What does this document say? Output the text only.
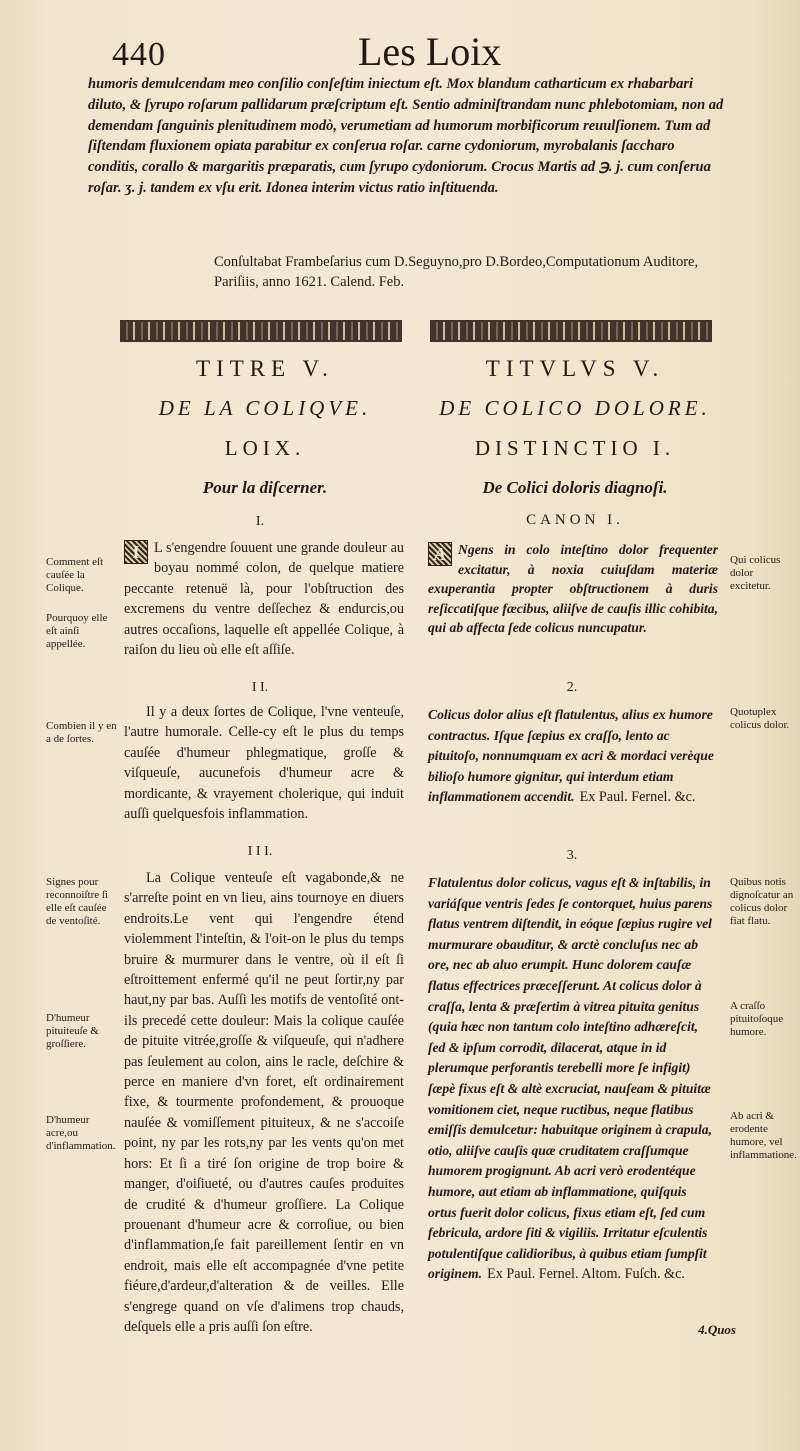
440	Les Loix
humoris demulcendam meo conſilio conſeſtim iniectum eſt. Mox blandum catharticum ex rhabarbari diluto, & ſyrupo roſarum pallidarum præſcriptum eſt. Sentio adminiſtrandam nunc phlebotomiam, non ad demendam ſanguinis plenitudinem modò, verumetiam ad humorum morbificorum reuulſionem. Tum ad ſiſtendam fluxionem opiata parabitur ex conſerua roſar. carne cydoniorum, myrobalanis ſaccharo conditis, corallo & margaritis præparatis, cum ſyrupo cydoniorum. Crocus Martis ad ℈. j. cum conſerua roſar. ʒ. j. tandem ex vſu erit. Idonea interim victus ratio inſtituenda.
Conſultabat Frambeſarius cum D.Seguyno,pro D.Bordeo,Computationum Auditore, Pariſiis, anno 1621. Calend. Feb.
TITRE V.
DE LA COLIQVE.
LOIX.
Pour la diſcerner.
I.
I	L s'engendre ſouuent une grande douleur au boyau nommé colon, de quelque matiere peccante retenuë là, pour l'obſtruction des excremens du ventre deſſechez & endurcis,ou autres occaſions, laquelle eſt appellée Colique, à raiſon du lieu où elle eſt aſſiſe.
I I.
Il y a deux ſortes de Colique, l'vne venteuſe, l'autre humorale. Celle-cy eſt le plus du temps cauſée d'humeur phlegmatique, groſſe & viſqueuſe, aucunefois d'humeur acre & mordicante, & vrayement cholerique, qui induit auſſi quelquesfois inflammation.
I I I.
La Colique venteuſe eſt vagabonde,& ne s'arreſte point en vn lieu, ains tournoye en diuers endroits.Le vent qui l'engendre étend violemment l'inteſtin, & l'oit-on le plus du temps bruire & murmurer dans le ventre, où il eſt ſi eſtroittement enfermé qu'il ne peut ſortir,ny par haut,ny par bas. Auſſi les motifs de ventoſité ont-ils precedé cette douleur: Mais la colique cauſée de pituite vitrée,groſſe & viſqueuſe, qui n'adhere pas ſeulement au colon, ains le racle, deſchire & perce en maniere d'vn foret, eſt ordinairement fixe, & tourmente profondement, & prouoque nauſée & vomiſſement pituiteux, & ne s'accoiſe point, ny par les rots,ny par les vents qu'on met hors: Et ſi a tiré ſon origine de trop boire & manger, d'oiſiueté, ou d'autres cauſes produites de crudité & d'humeur groſſiere. La Colique prouenant d'humeur acre & corroſiue, ou bien d'inflammation,ſe fait pareillement ſentir en vn endroit, mais elle eſt accompagnée d'vne petite fiéure,d'ardeur,d'alteration & de veilles. Elle s'engrege quand on vſe d'alimens trop chauds, deſquels elle a pris auſſi ſon eſtre.
Comment eſt cauſée la Colique.
Pourquoy elle eſt ainſi appellée.
Combien il y en a de ſortes.
Signes pour reconnoiſtre ſi elle eſt cauſée de ventoſité.
D'humeur pituiteuſe & groſſiere.
D'humeur acre,ou d'inflammation.
TITVLVS V.
DE COLICO DOLORE.
DISTINCTIO I.
De Colici doloris diagnoſi.
CANON I.
A Ngens in colo inteſtino dolor frequenter excitatur, à noxia cuiuſdam materiæ exuperantia propter obſtructionem à duris reſiccatiſque fæcibus, aliiſve de cauſis illic cohibita, qui ab affecta ſede colicus nuncupatur.
2.
Colicus dolor alius eſt flatulentus, alius ex humore contractus. Iſque ſæpius ex craſſo, lento ac pituitoſo, nonnumquam ex acri & mordaci verèque bilioſo humore gignitur, qui interdum etiam inflammationem accendit. Ex Paul. Fernel. &c.
3.
Flatulentus dolor colicus, vagus eſt & inſtabilis, in variáſque ventris ſedes ſe contorquet, huius parens flatus ventrem diſtendit, in eóque ſæpius rugire vel murmurare obauditur, & arctè concluſus nec ab ore, nec ab aluo erumpit. Hunc dolorem cauſæ flatus effectrices præceſſerunt. At colicus dolor à craſſa, lenta & præſertim à vitrea pituita genitus (quia hæc non tantum colo inteſtino adhæreſcit, ſed & ipſum corrodit, dilacerat, atque in id plerumque perforantis terebelli more ſe infigit) ſæpè fixus eſt & altè excruciat, nauſeam & pituitæ vomitionem ciet, neque ructibus, neque flatibus emiſſis demulcetur: habuitque originem à crapula, otio, aliiſve cauſis quæ cruditatem craſſumque humorem progignunt. Ab acri verò erodentéque humore, aut etiam ab inflammatione, quiſquis ortus fuerit dolor colicus, fixus etiam eſt, ſed cum febricula, ardore ſiti & vigiliis. Irritatur eſculentis potulentiſque calidioribus, à quibus etiam ſumpſit originem. Ex Paul. Fernel. Altom. Fuſch. &c.
4.Quos
Qui colicus dolor excitetur.
Quotuplex colicus dolor.
Quibus notis dignoſcatur an colicus dolor fiat flatu.
A craſſo pituitoſoque humore.
Ab acri & erodente humore, vel inflammatione.
